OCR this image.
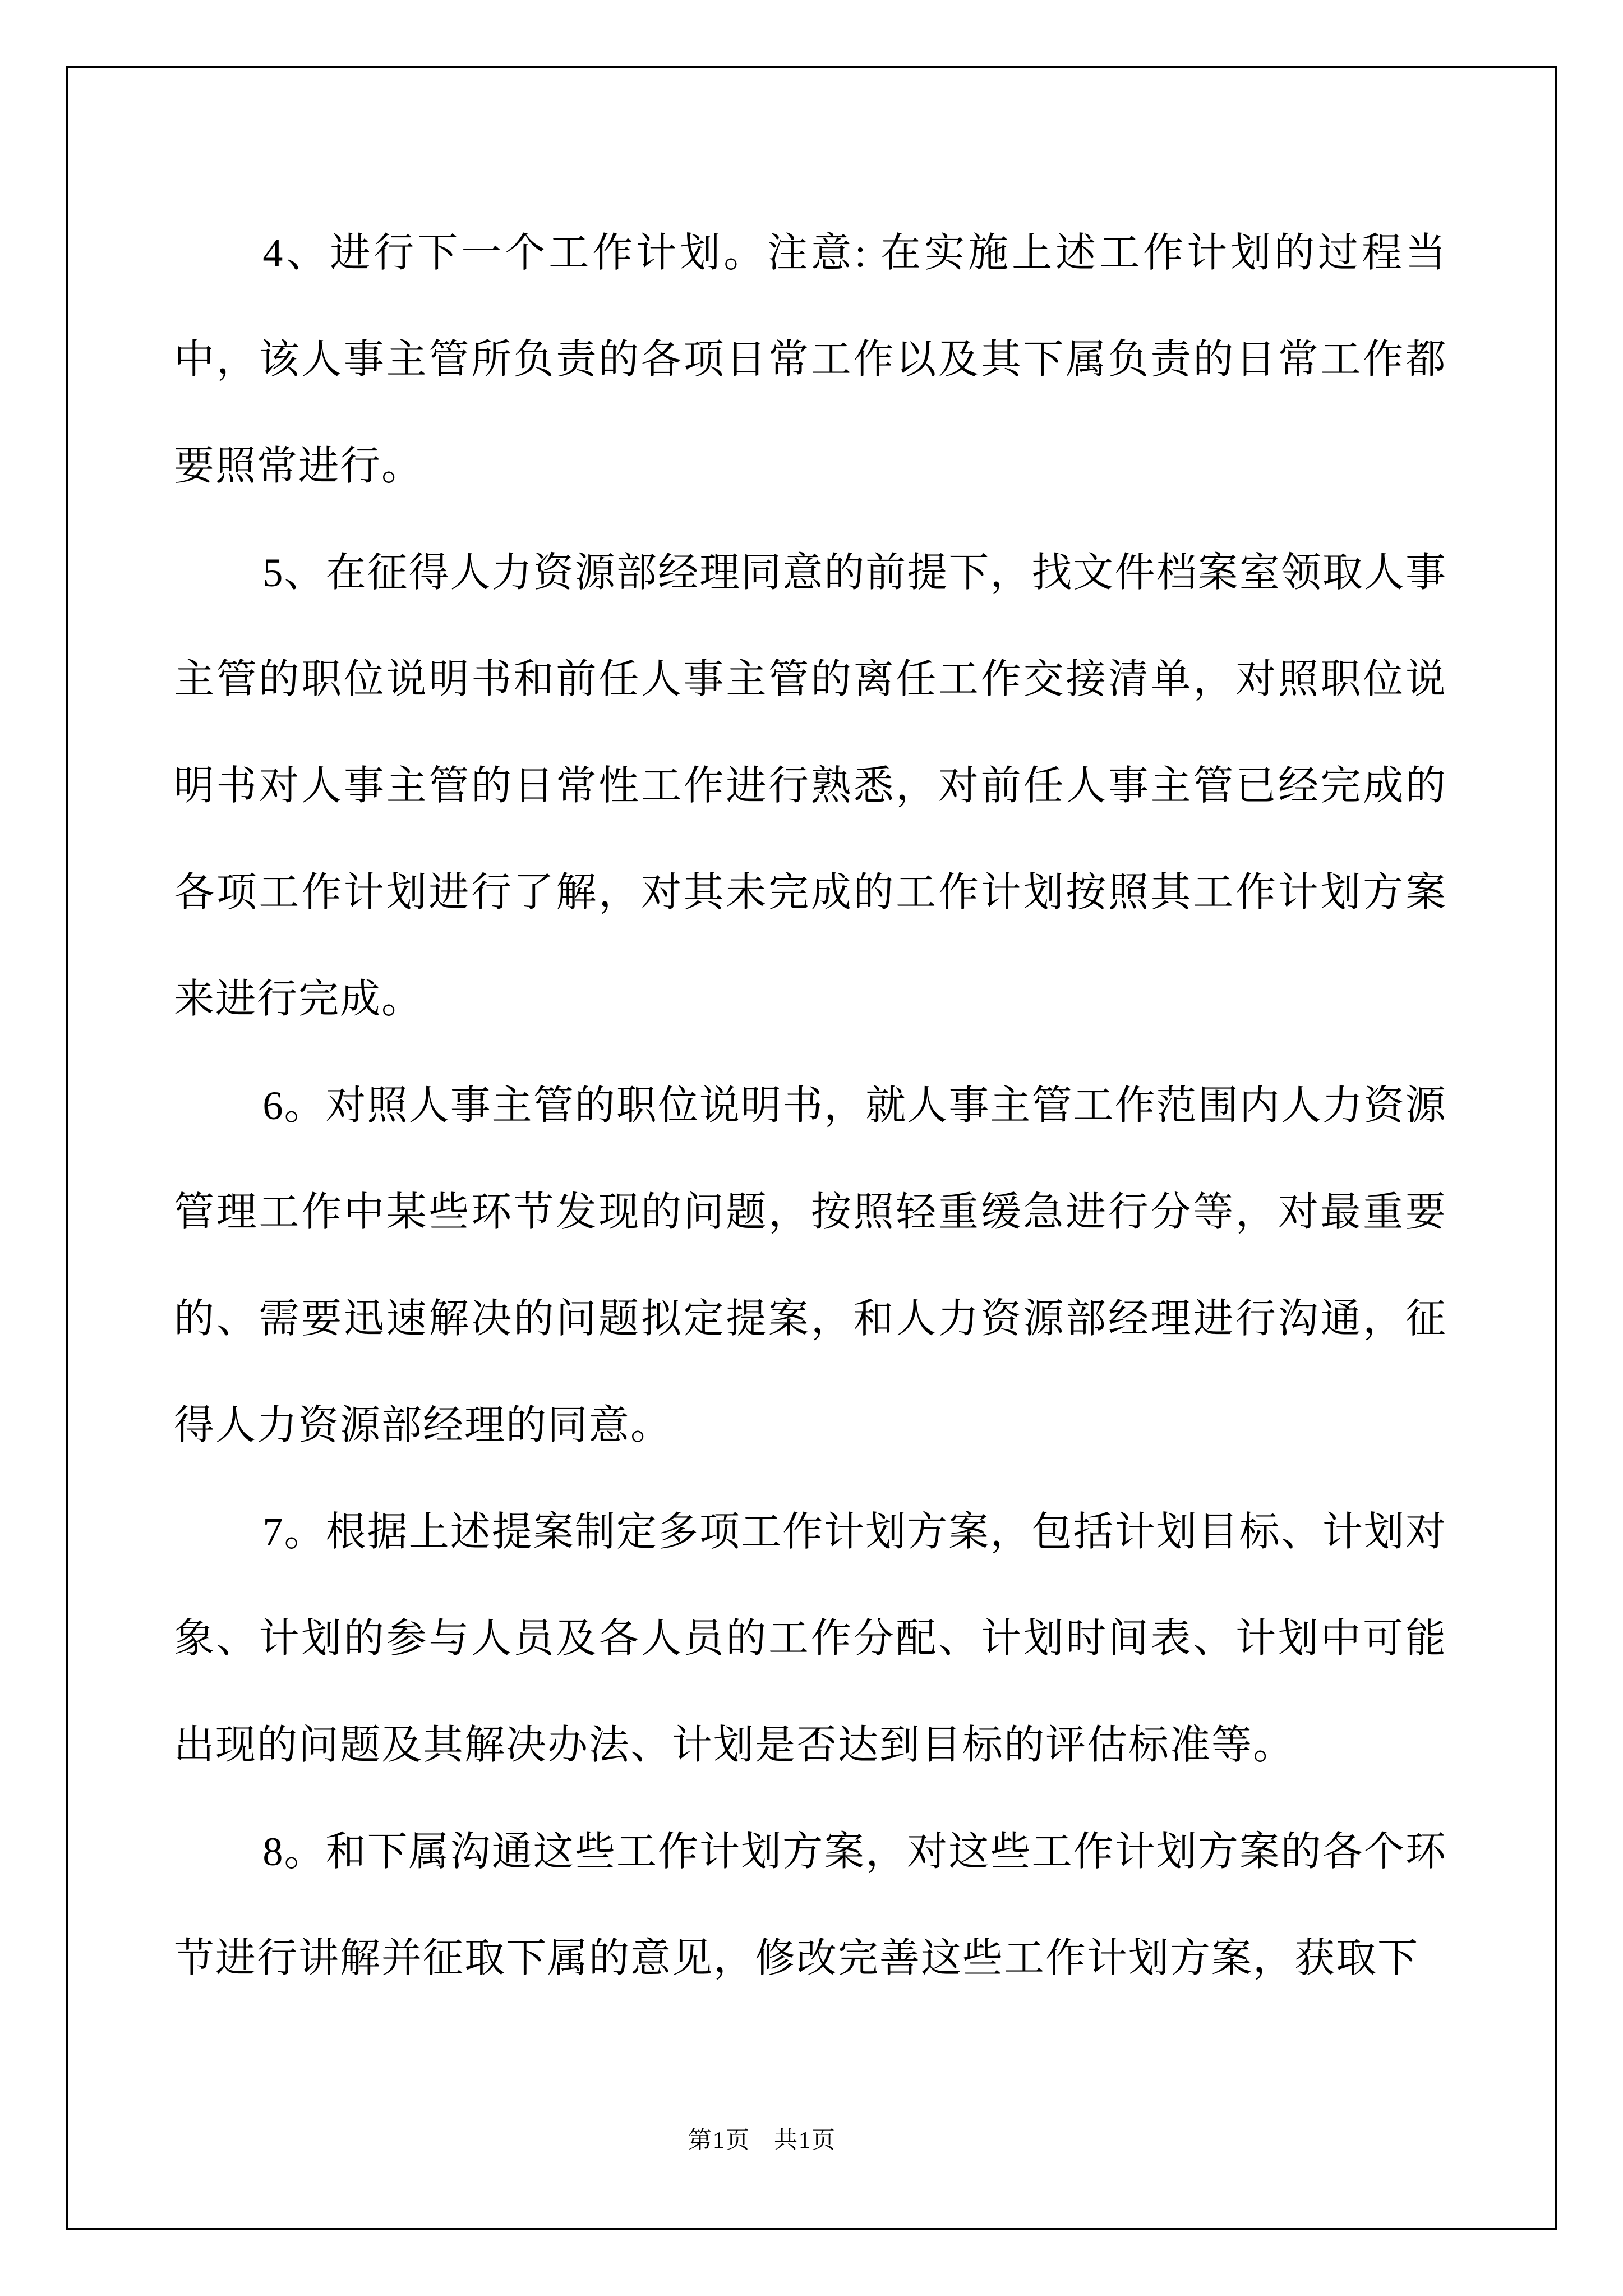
4、进行下一个工作计划。注意: 在实施上述工作计划的过程当中，该人事主管所负责的各项日常工作以及其下属负责的日常工作都要照常进行。

5、在征得人力资源部经理同意的前提下，找文件档案室领取人事主管的职位说明书和前任人事主管的离任工作交接清单，对照职位说明书对人事主管的日常性工作进行熟悉，对前任人事主管已经完成的各项工作计划进行了解，对其未完成的工作计划按照其工作计划方案来进行完成。

6。对照人事主管的职位说明书，就人事主管工作范围内人力资源管理工作中某些环节发现的问题，按照轻重缓急进行分等，对最重要的、需要迅速解决的问题拟定提案，和人力资源部经理进行沟通，征得人力资源部经理的同意。

7。根据上述提案制定多项工作计划方案，包括计划目标、计划对象、计划的参与人员及各人员的工作分配、计划时间表、计划中可能出现的问题及其解决办法、计划是否达到目标的评估标准等。

8。和下属沟通这些工作计划方案，对这些工作计划方案的各个环节进行讲解并征取下属的意见，修改完善这些工作计划方案，获取下

第1页 共1页
